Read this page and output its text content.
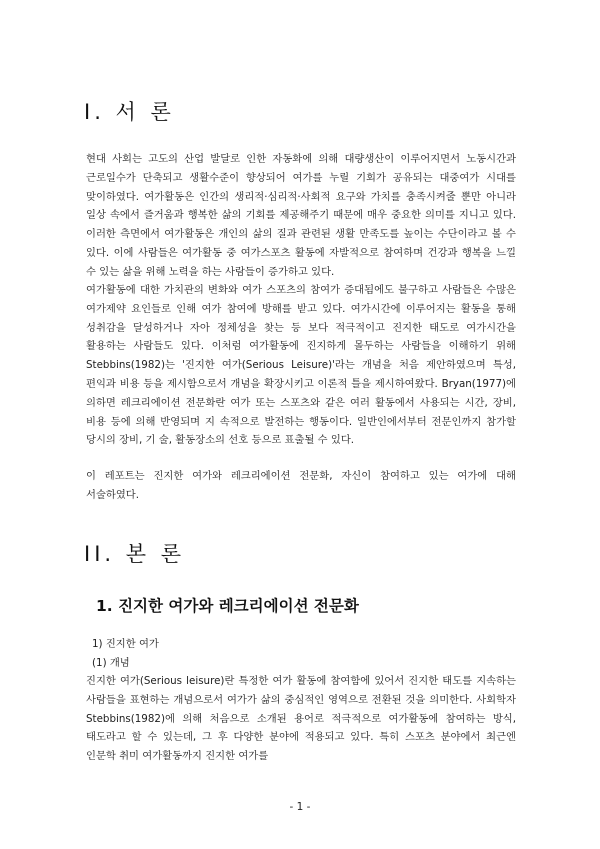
I. 서 론

현대 사회는 고도의 산업 발달로 인한 자동화에 의해 대량생산이 이루어지면서 노동시간과 근로일수가 단축되고 생활수준이 향상되어 여가를 누릴 기회가 공유되는 대중여가 시대를 맞이하였다. 여가활동은 인간의 생리적·심리적·사회적 요구와 가치를 충족시켜줄 뿐만 아니라 일상 속에서 즐거움과 행복한 삶의 기회를 제공해주기 때문에 매우 중요한 의미를 지니고 있다. 이러한 측면에서 여가활동은 개인의 삶의 질과 관련된 생활 만족도를 높이는 수단이라고 볼 수 있다. 이에 사람들은 여가활동 중 여가스포츠 활동에 자발적으로 참여하며 건강과 행복을 느낄 수 있는 삶을 위해 노력을 하는 사람들이 증가하고 있다.

여가활동에 대한 가치관의 변화와 여가 스포츠의 참여가 증대됨에도 불구하고 사람들은 수많은 여가제약 요인들로 인해 여가 참여에 방해를 받고 있다. 여가시간에 이루어지는 활동을 통해 성취감을 달성하거나 자아 정체성을 찾는 등 보다 적극적이고 진지한 태도로 여가시간을 활용하는 사람들도 있다. 이처럼 여가활동에 진지하게 몰두하는 사람들을 이해하기 위해 Stebbins(1982)는 '진지한 여가(Serious Leisure)'라는 개념을 처음 제안하였으며 특성, 편익과 비용 등을 제시함으로서 개념을 확장시키고 이론적 틀을 제시하여왔다. Bryan(1977)에 의하면 레크리에이션 전문화란 여가 또는 스포츠와 같은 여러 활동에서 사용되는 시간, 장비, 비용 등에 의해 반영되며 지 속적으로 발전하는 행동이다. 일반인에서부터 전문인까지 참가할 당시의 장비, 기 술, 활동장소의 선호 등으로 표출될 수 있다.

이 레포트는 진지한 여가와 레크리에이션 전문화, 자신이 참여하고 있는 여가에 대해 서술하였다.

II. 본 론
1. 진지한 여가와 레크리에이션 전문화
1) 진지한 여가
(1) 개념

진지한 여가(Serious leisure)란 특정한 여가 활동에 참여함에 있어서 진지한 태도를 지속하는 사람들을 표현하는 개념으로서 여가가 삶의 중심적인 영역으로 전환된 것을 의미한다. 사회학자 Stebbins(1982)에 의해 처음으로 소개된 용어로 적극적으로 여가활동에 참여하는 방식, 태도라고 할 수 있는데, 그 후 다양한 분야에 적용되고 있다. 특히 스포츠 분야에서 최근엔 인문학 취미 여가활동까지 진지한 여가를

- 1 -
